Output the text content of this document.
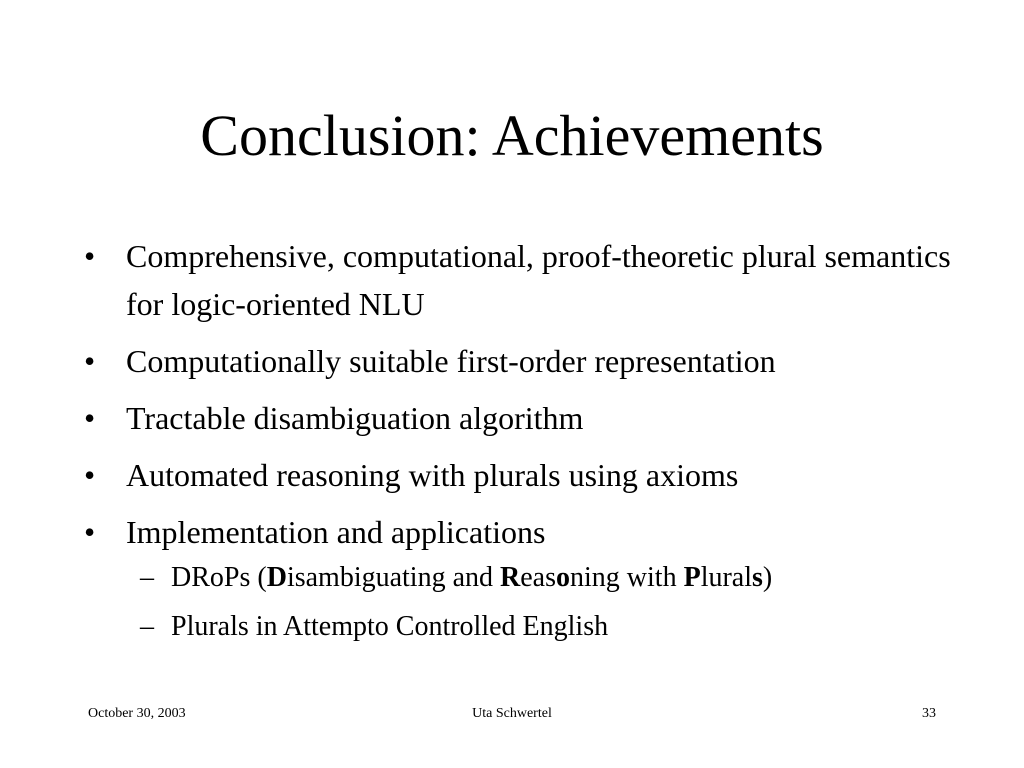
Conclusion: Achievements
• Comprehensive, computational, proof-theoretic plural semantics for logic-oriented NLU
• Computationally suitable first-order representation
• Tractable disambiguation algorithm
• Automated reasoning with plurals using axioms
• Implementation and applications
– DRoPs (Disambiguating and Reasoning with Plurals)
– Plurals in Attempto Controlled English
October 30, 2003	Uta Schwertel	33
